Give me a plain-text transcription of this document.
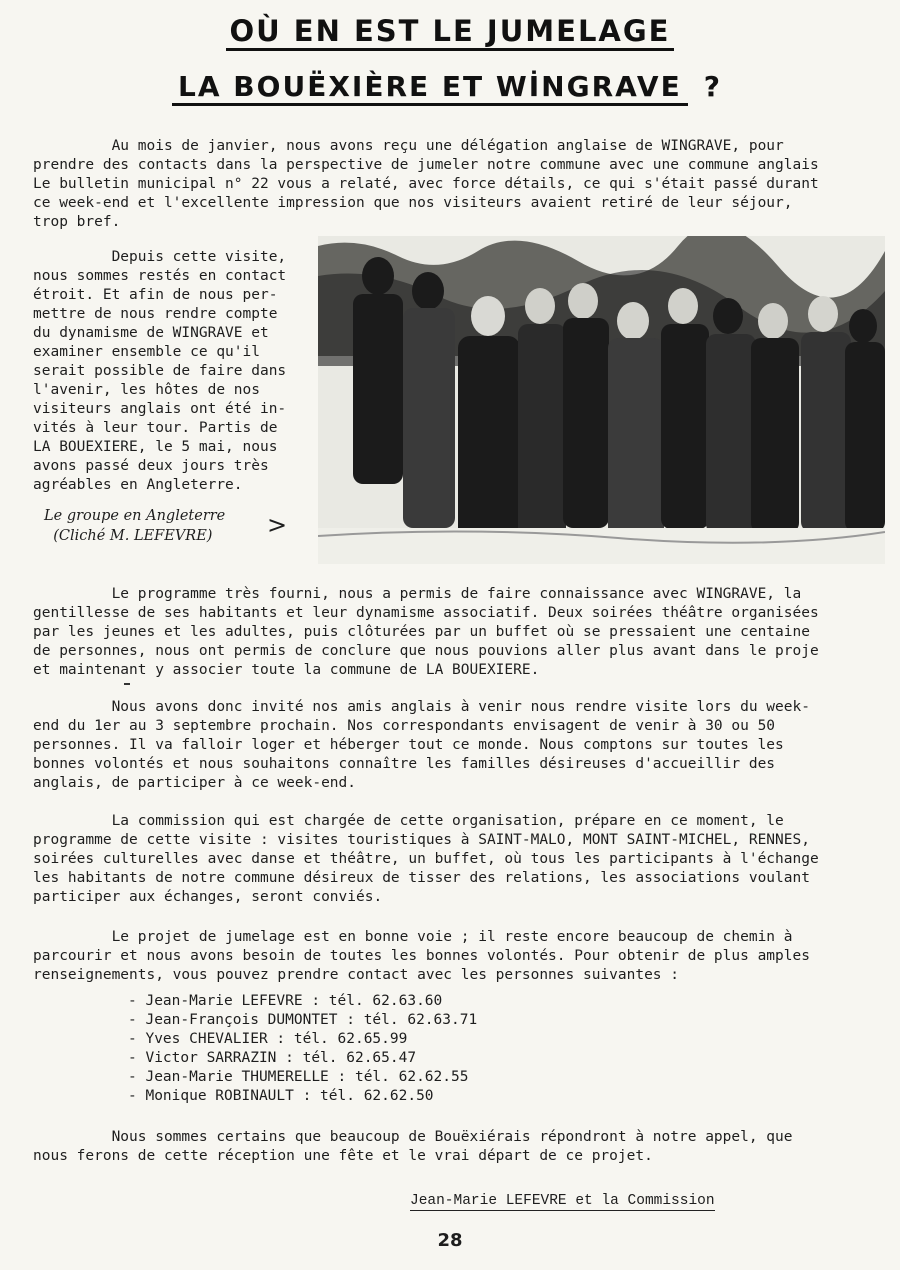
OÙ EN EST LE JUMELAGE
LA BOUËXIÈRE ET WİNGRAVE ?
Au mois de janvier, nous avons reçu une délégation anglaise de WINGRAVE, pour
prendre des contacts dans la perspective de jumeler notre commune avec une commune anglais
Le bulletin municipal n° 22 vous a relaté, avec force détails, ce qui s'était passé durant
ce week-end et l'excellente impression que nos visiteurs avaient retiré de leur séjour,
trop bref.
Depuis cette visite,
nous sommes restés en contact
étroit. Et afin de nous per-
mettre de nous rendre compte
du dynamisme de WINGRAVE et
examiner ensemble ce qu'il
serait possible de faire dans
l'avenir, les hôtes de nos
visiteurs anglais ont été in-
vités à leur tour. Partis de
LA BOUEXIERE, le 5 mai, nous
avons passé deux jours très
agréables en Angleterre.
Le groupe en Angleterre
(Cliché M. LEFEVRE)	>
Le programme très fourni, nous a permis de faire connaissance avec WINGRAVE, la
gentillesse de ses habitants et leur dynamisme associatif. Deux soirées théâtre organisées
par les jeunes et les adultes, puis clôturées par un buffet où se pressaient une centaine
de personnes, nous ont permis de conclure que nous pouvions aller plus avant dans le proje
et maintenant y associer toute la commune de LA BOUEXIERE.
Nous avons donc invité nos amis anglais à venir nous rendre visite lors du week-
end du 1er au 3 septembre prochain. Nos correspondants envisagent de venir à 30 ou 50
personnes. Il va falloir loger et héberger tout ce monde. Nous comptons sur toutes les
bonnes volontés et nous souhaitons connaître les familles désireuses d'accueillir des
anglais, de participer à ce week-end.
La commission qui est chargée de cette organisation, prépare en ce moment, le
programme de cette visite : visites touristiques à SAINT-MALO, MONT SAINT-MICHEL, RENNES,
soirées culturelles avec danse et théâtre, un buffet, où tous les participants à l'échange
les habitants de notre commune désireux de tisser des relations, les associations voulant
participer aux échanges, seront conviés.
Le projet de jumelage est en bonne voie ; il reste encore beaucoup de chemin à
parcourir et nous avons besoin de toutes les bonnes volontés. Pour obtenir de plus amples
renseignements, vous pouvez prendre contact avec les personnes suivantes :
- Jean-Marie LEFEVRE : tél. 62.63.60
- Jean-François DUMONTET : tél. 62.63.71
- Yves CHEVALIER : tél. 62.65.99
- Victor SARRAZIN : tél. 62.65.47
- Jean-Marie THUMERELLE : tél. 62.62.55
- Monique ROBINAULT : tél. 62.62.50
Nous sommes certains que beaucoup de Bouëxiérais répondront à notre appel, que
nous ferons de cette réception une fête et le vrai départ de ce projet.
Jean-Marie LEFEVRE et la Commission
28
